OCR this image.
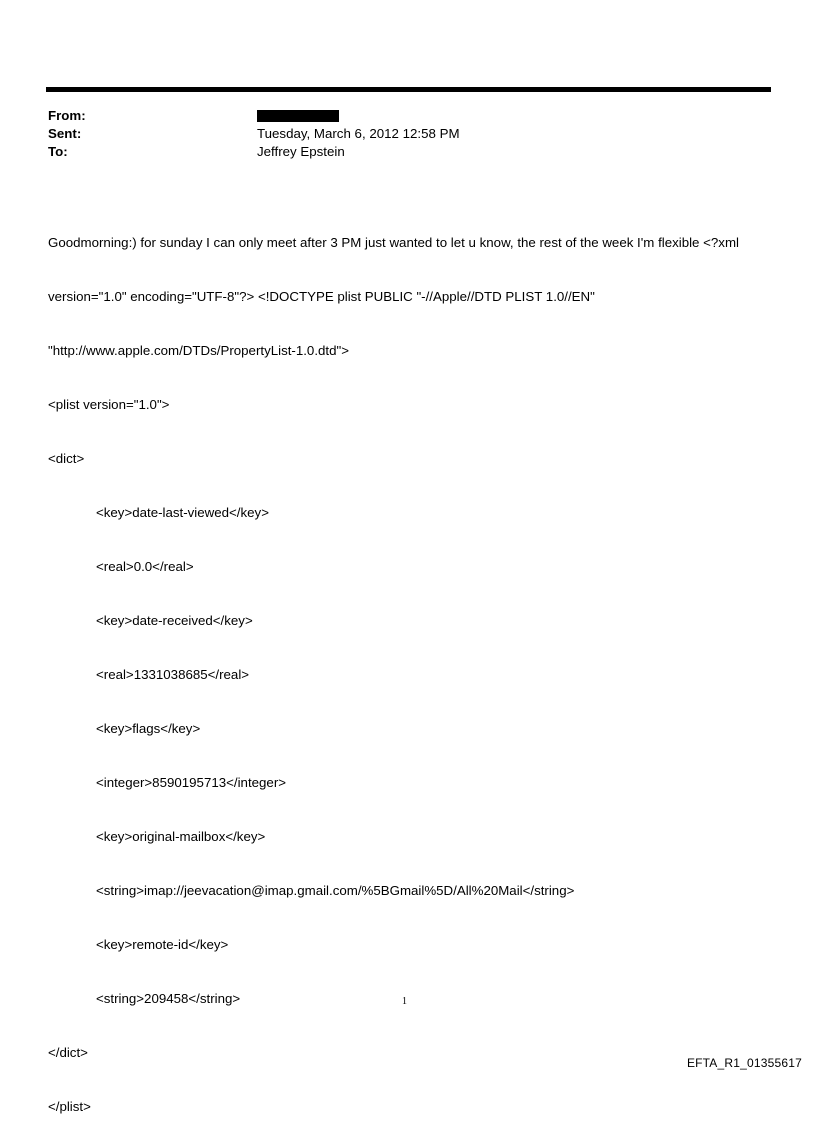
From:
Sent:	Tuesday, March 6, 2012 12:58 PM
To:	Jeffrey Epstein

Goodmorning:) for sunday I can only meet after 3 PM just wanted to let u know, the rest of the week I'm flexible <?xml

version="1.0" encoding="UTF-8"?> <!DOCTYPE plist PUBLIC "-//Apple//DTD PLIST 1.0//EN"

"http://www.apple.com/DTDs/PropertyList-1.0.dtd">

<plist version="1.0">

<dict>

<key>date-last-viewed</key>

<real>0.0</real>

<key>date-received</key>

<real>1331038685</real>

<key>flags</key>

<integer>8590195713</integer>

<key>original-mailbox</key>

<string>imap://jeevacation@imap.gmail.com/%5BGmail%5D/All%20Mail</string>

<key>remote-id</key>

<string>209458</string>

</dict>

</plist>

1
EFTA_R1_01355617
